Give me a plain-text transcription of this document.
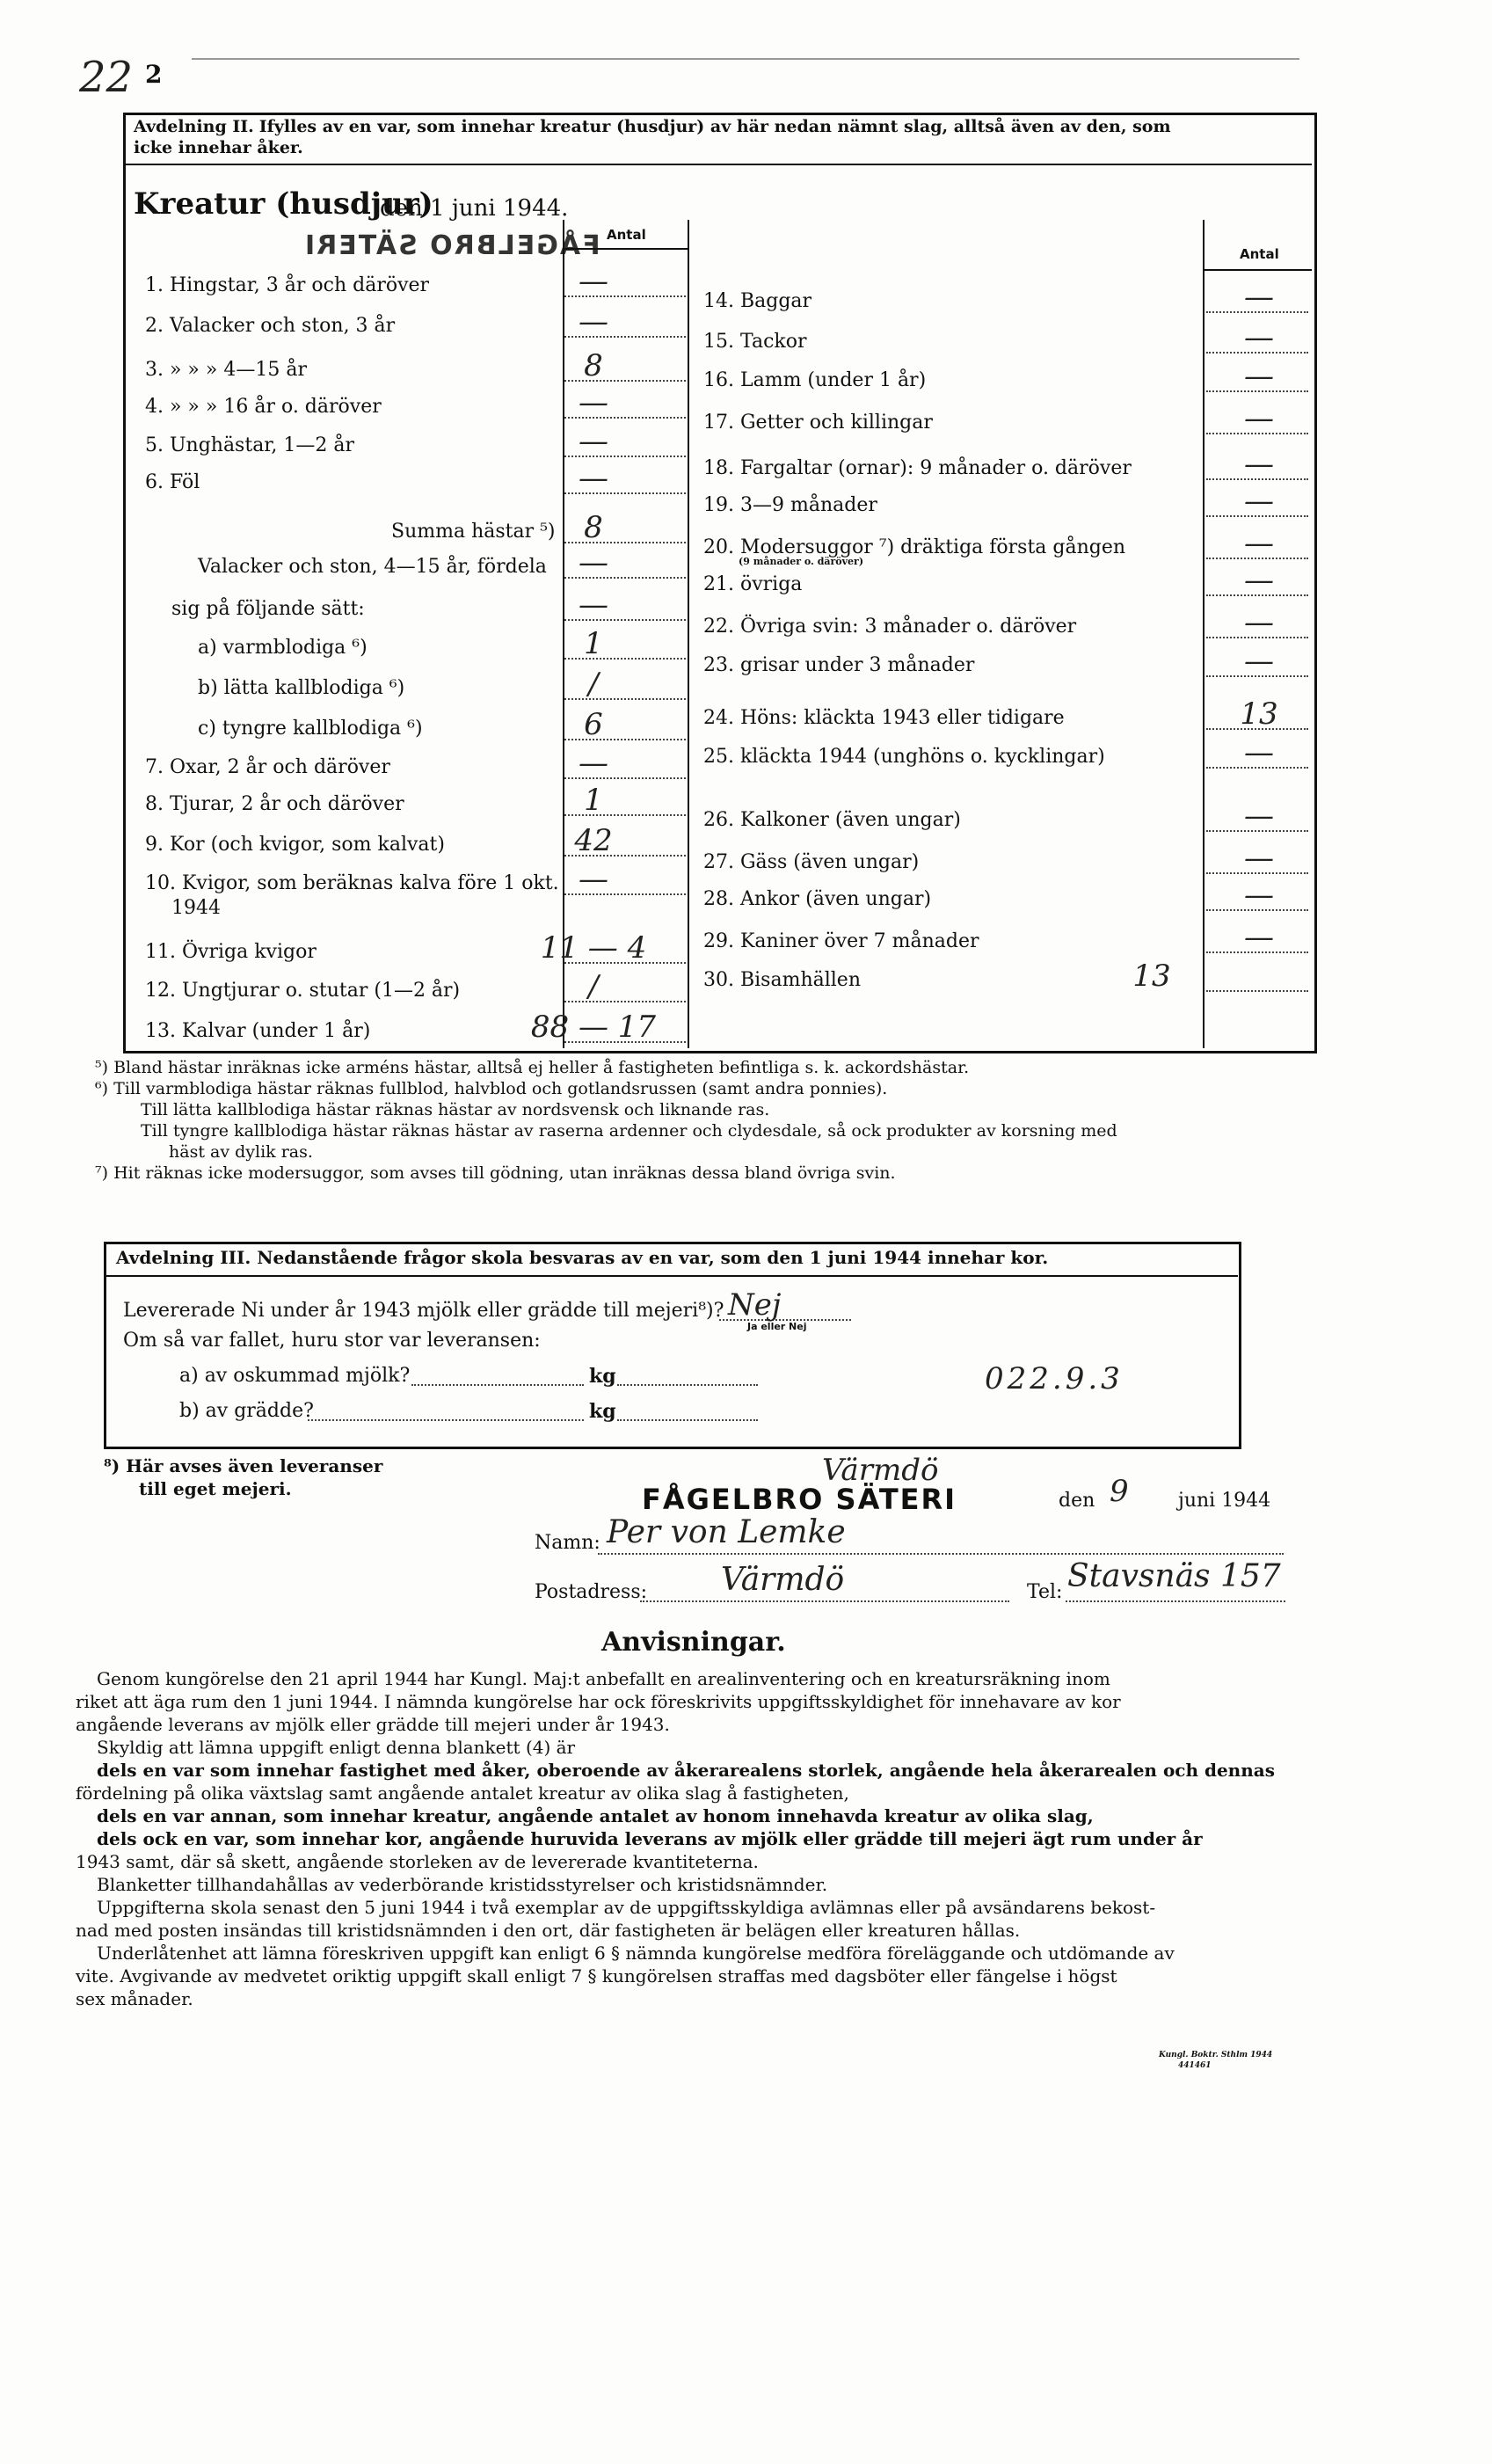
22 2
Avdelning II. Ifylles av en var, som innehar kreatur (husdjur) av här nedan nämnt slag, alltså även av den, som
icke innehar åker.
Kreatur (husdjur)
den 1 juni 1944.
FÅGELBRO SÄTERI Antal
Antal
1. Hingstar, 3 år och däröver	—
2. Valacker och ston, 3 år	—
3. » » » 4—15 år	8
4. » » » 16 år o. däröver	—
5. Unghästar, 1—2 år	—
6. Föl	—
Summa hästar ⁵) 8
Valacker och ston, 4—15 år, fördela	—
sig på följande sätt:	—
a) varmblodiga ⁶)	1
b) lätta kallblodiga ⁶)	/
c) tyngre kallblodiga ⁶)	6
7. Oxar, 2 år och däröver	—
8. Tjurar, 2 år och däröver	1
9. Kor (och kvigor, som kalvat)	42
10. Kvigor, som beräknas kalva före 1 okt. —
1944
11. Övriga kvigor	11 — 4
12. Ungtjurar o. stutar (1—2 år)	/
13. Kalvar (under 1 år)	88 — 17
14. Baggar	—
15. Tackor	—
16. Lamm (under 1 år)	—
17. Getter och killingar	—
18. Fargaltar (ornar): 9 månader o. däröver	—
19. 3—9 månader	—
20. Modersuggor ⁷) dräktiga första gången	—
(9 månader o. däröver)
21. övriga	—
22. Övriga svin: 3 månader o. däröver	—
23. grisar under 3 månader	—
24. Höns: kläckta 1943 eller tidigare	13
25. kläckta 1944 (unghöns o. kycklingar)	—
26. Kalkoner (även ungar)	—
27. Gäss (även ungar)	—
28. Ankor (även ungar)	—
29. Kaniner över 7 månader	—
30. Bisamhällen	13
⁵) Bland hästar inräknas icke arméns hästar, alltså ej heller å fastigheten befintliga s. k. ackordshästar.
⁶) Till varmblodiga hästar räknas fullblod, halvblod och gotlandsrussen (samt andra ponnies).
Till lätta kallblodiga hästar räknas hästar av nordsvensk och liknande ras.
Till tyngre kallblodiga hästar räknas hästar av raserna ardenner och clydesdale, så ock produkter av korsning med
häst av dylik ras.
⁷) Hit räknas icke modersuggor, som avses till gödning, utan inräknas dessa bland övriga svin.
Avdelning III. Nedanstående frågor skola besvaras av en var, som den 1 juni 1944 innehar kor.
Levererade Ni under år 1943 mjölk eller grädde till mejeri⁸)? Nej
Ja eller Nej
Om så var fallet, huru stor var leveransen:
a) av oskummad mjölk?	kg
b) av grädde?	kg
022.9.3
⁸) Här avses även leveranser
till eget mejeri.	FÅGELBRO SÄTERI
Värmdö
den 9	juni 1944
Namn: Per von Lemke
Postadress: Värmdö	Tel: Stavsnäs 157
Anvisningar.
Genom kungörelse den 21 april 1944 har Kungl. Maj:t anbefallt en arealinventering och en kreatursräkning inom
riket att äga rum den 1 juni 1944. I nämnda kungörelse har ock föreskrivits uppgiftsskyldighet för innehavare av kor
angående leverans av mjölk eller grädde till mejeri under år 1943.
Skyldig att lämna uppgift enligt denna blankett (4) är
dels en var som innehar fastighet med åker, oberoende av åkerarealens storlek, angående hela åkerarealen och dennas
fördelning på olika växtslag samt angående antalet kreatur av olika slag å fastigheten,
dels en var annan, som innehar kreatur, angående antalet av honom innehavda kreatur av olika slag,
dels ock en var, som innehar kor, angående huruvida leverans av mjölk eller grädde till mejeri ägt rum under år
1943 samt, där så skett, angående storleken av de levererade kvantiteterna.
Blanketter tillhandahållas av vederbörande kristidsstyrelser och kristidsnämnder.
Uppgifterna skola senast den 5 juni 1944 i två exemplar av de uppgiftsskyldiga avlämnas eller på avsändarens bekost-
nad med posten insändas till kristidsnämnden i den ort, där fastigheten är belägen eller kreaturen hållas.
Underlåtenhet att lämna föreskriven uppgift kan enligt 6 § nämnda kungörelse medföra föreläggande och utdömande av
vite. Avgivande av medvetet oriktig uppgift skall enligt 7 § kungörelsen straffas med dagsböter eller fängelse i högst
sex månader.
Kungl. Boktr. Sthlm 1944
441461
